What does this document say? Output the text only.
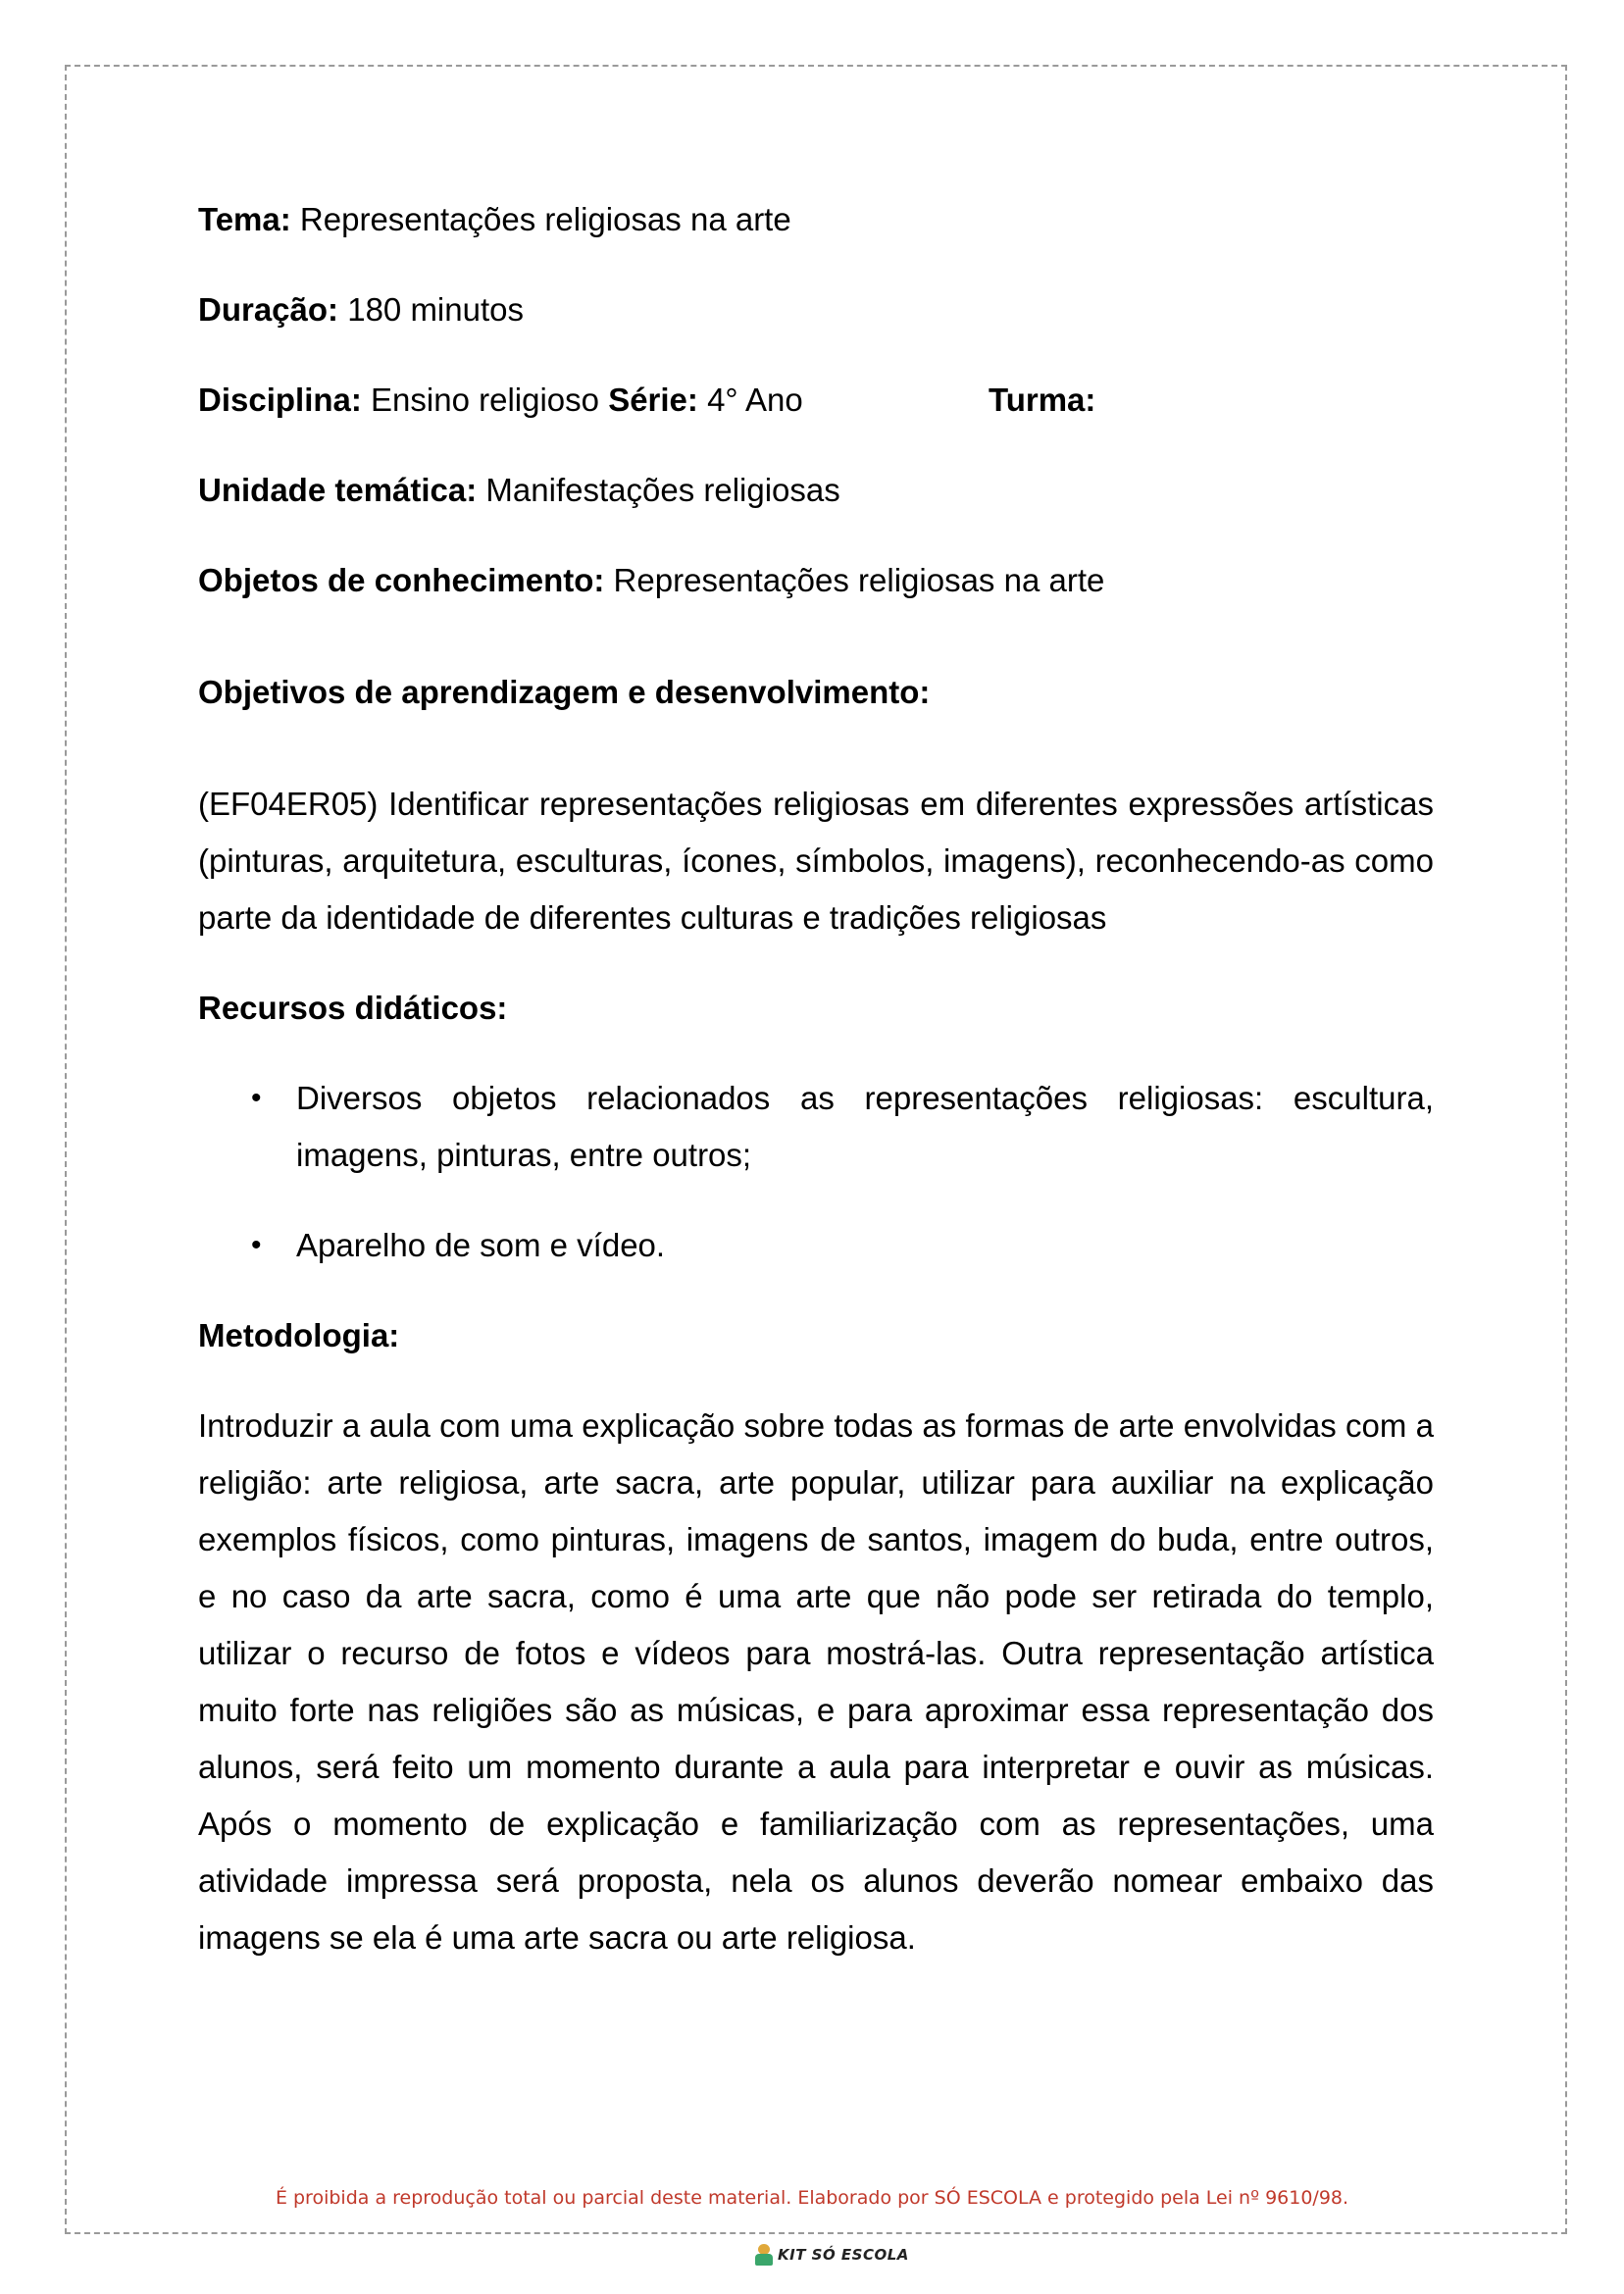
Tema: Representações religiosas na arte

Duração: 180 minutos

Disciplina: Ensino religioso Série: 4° Ano	Turma:

Unidade temática: Manifestações religiosas

Objetos de conhecimento: Representações religiosas na arte

Objetivos de aprendizagem e desenvolvimento:

(EF04ER05) Identificar representações religiosas em diferentes expressões artísticas (pinturas, arquitetura, esculturas, ícones, símbolos, imagens), reconhecendo-as como parte da identidade de diferentes culturas e tradições religiosas

Recursos didáticos:

• Diversos objetos relacionados as representações religiosas: escultura, imagens, pinturas, entre outros;
• Aparelho de som e vídeo.

Metodologia:

Introduzir a aula com uma explicação sobre todas as formas de arte envolvidas com a religião: arte religiosa, arte sacra, arte popular, utilizar para auxiliar na explicação exemplos físicos, como pinturas, imagens de santos, imagem do buda, entre outros, e no caso da arte sacra, como é uma arte que não pode ser retirada do templo, utilizar o recurso de fotos e vídeos para mostrá-las. Outra representação artística muito forte nas religiões são as músicas, e para aproximar essa representação dos alunos, será feito um momento durante a aula para interpretar e ouvir as músicas. Após o momento de explicação e familiarização com as representações, uma atividade impressa será proposta, nela os alunos deverão nomear embaixo das imagens se ela é uma arte sacra ou arte religiosa.

É proibida a reprodução total ou parcial deste material. Elaborado por SÓ ESCOLA e protegido pela Lei nº 9610/98.
KIT SÓ ESCOLA
